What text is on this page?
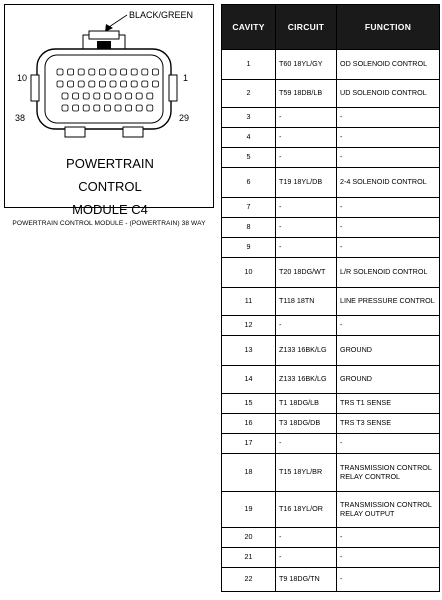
BLACK/GREEN
10	1
38	29
POWERTRAIN
CONTROL
MODULE C4
POWERTRAIN CONTROL MODULE - (POWERTRAIN) 38 WAY
CAVITY	CIRCUIT	FUNCTION
1	T60 18YL/GY	OD SOLENOID CONTROL
2	T59 18DB/LB	UD SOLENOID CONTROL
3	-	-
4	-	-
5	-	-
6	T19 18YL/DB	2-4 SOLENOID CONTROL
7	-	-
8	-	-
9	-	-
10	T20 18DG/WT	L/R SOLENOID CONTROL
11	T118 18TN	LINE PRESSURE CONTROL
12	-	-
13	Z133 16BK/LG	GROUND
14	Z133 16BK/LG	GROUND
15	T1 18DG/LB	TRS T1 SENSE
16	T3 18DG/DB	TRS T3 SENSE
17	-	-
18	T15 18YL/BR	TRANSMISSION CONTROL RELAY CONTROL
19	T16 18YL/OR	TRANSMISSION CONTROL RELAY OUTPUT
20	-	-
21	-	-
22	T9 18DG/TN	-
